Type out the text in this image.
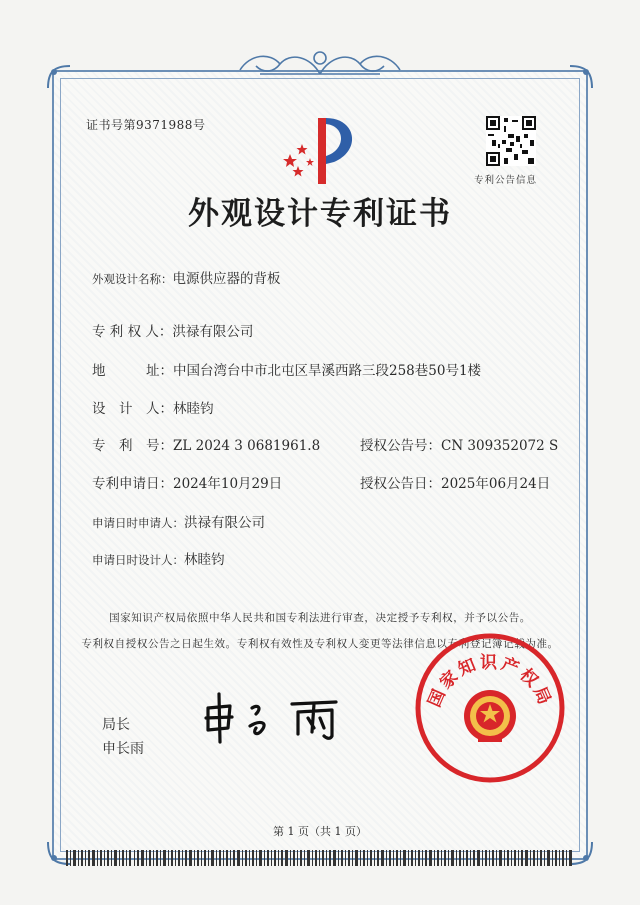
证书号第9371988号
专利公告信息
外观设计专利证书
外观设计名称：电源供应器的背板
专 利 权 人：洪禄有限公司
地　　　址：中国台湾台中市北屯区旱溪西路三段258巷50号1楼
设　计　人：林睦钧
专　利　号：ZL 2024 3 0681961.8	授权公告号：CN 309352072 S
专利申请日：2024年10月29日	授权公告日：2025年06月24日
申请日时申请人：洪禄有限公司
申请日时设计人：林睦钧
国家知识产权局依照中华人民共和国专利法进行审查，决定授予专利权，并予以公告。
专利权自授权公告之日起生效。专利权有效性及专利权人变更等法律信息以专利登记簿记载为准。
局长
申长雨
国家知识产权局
第 1 页（共 1 页）
